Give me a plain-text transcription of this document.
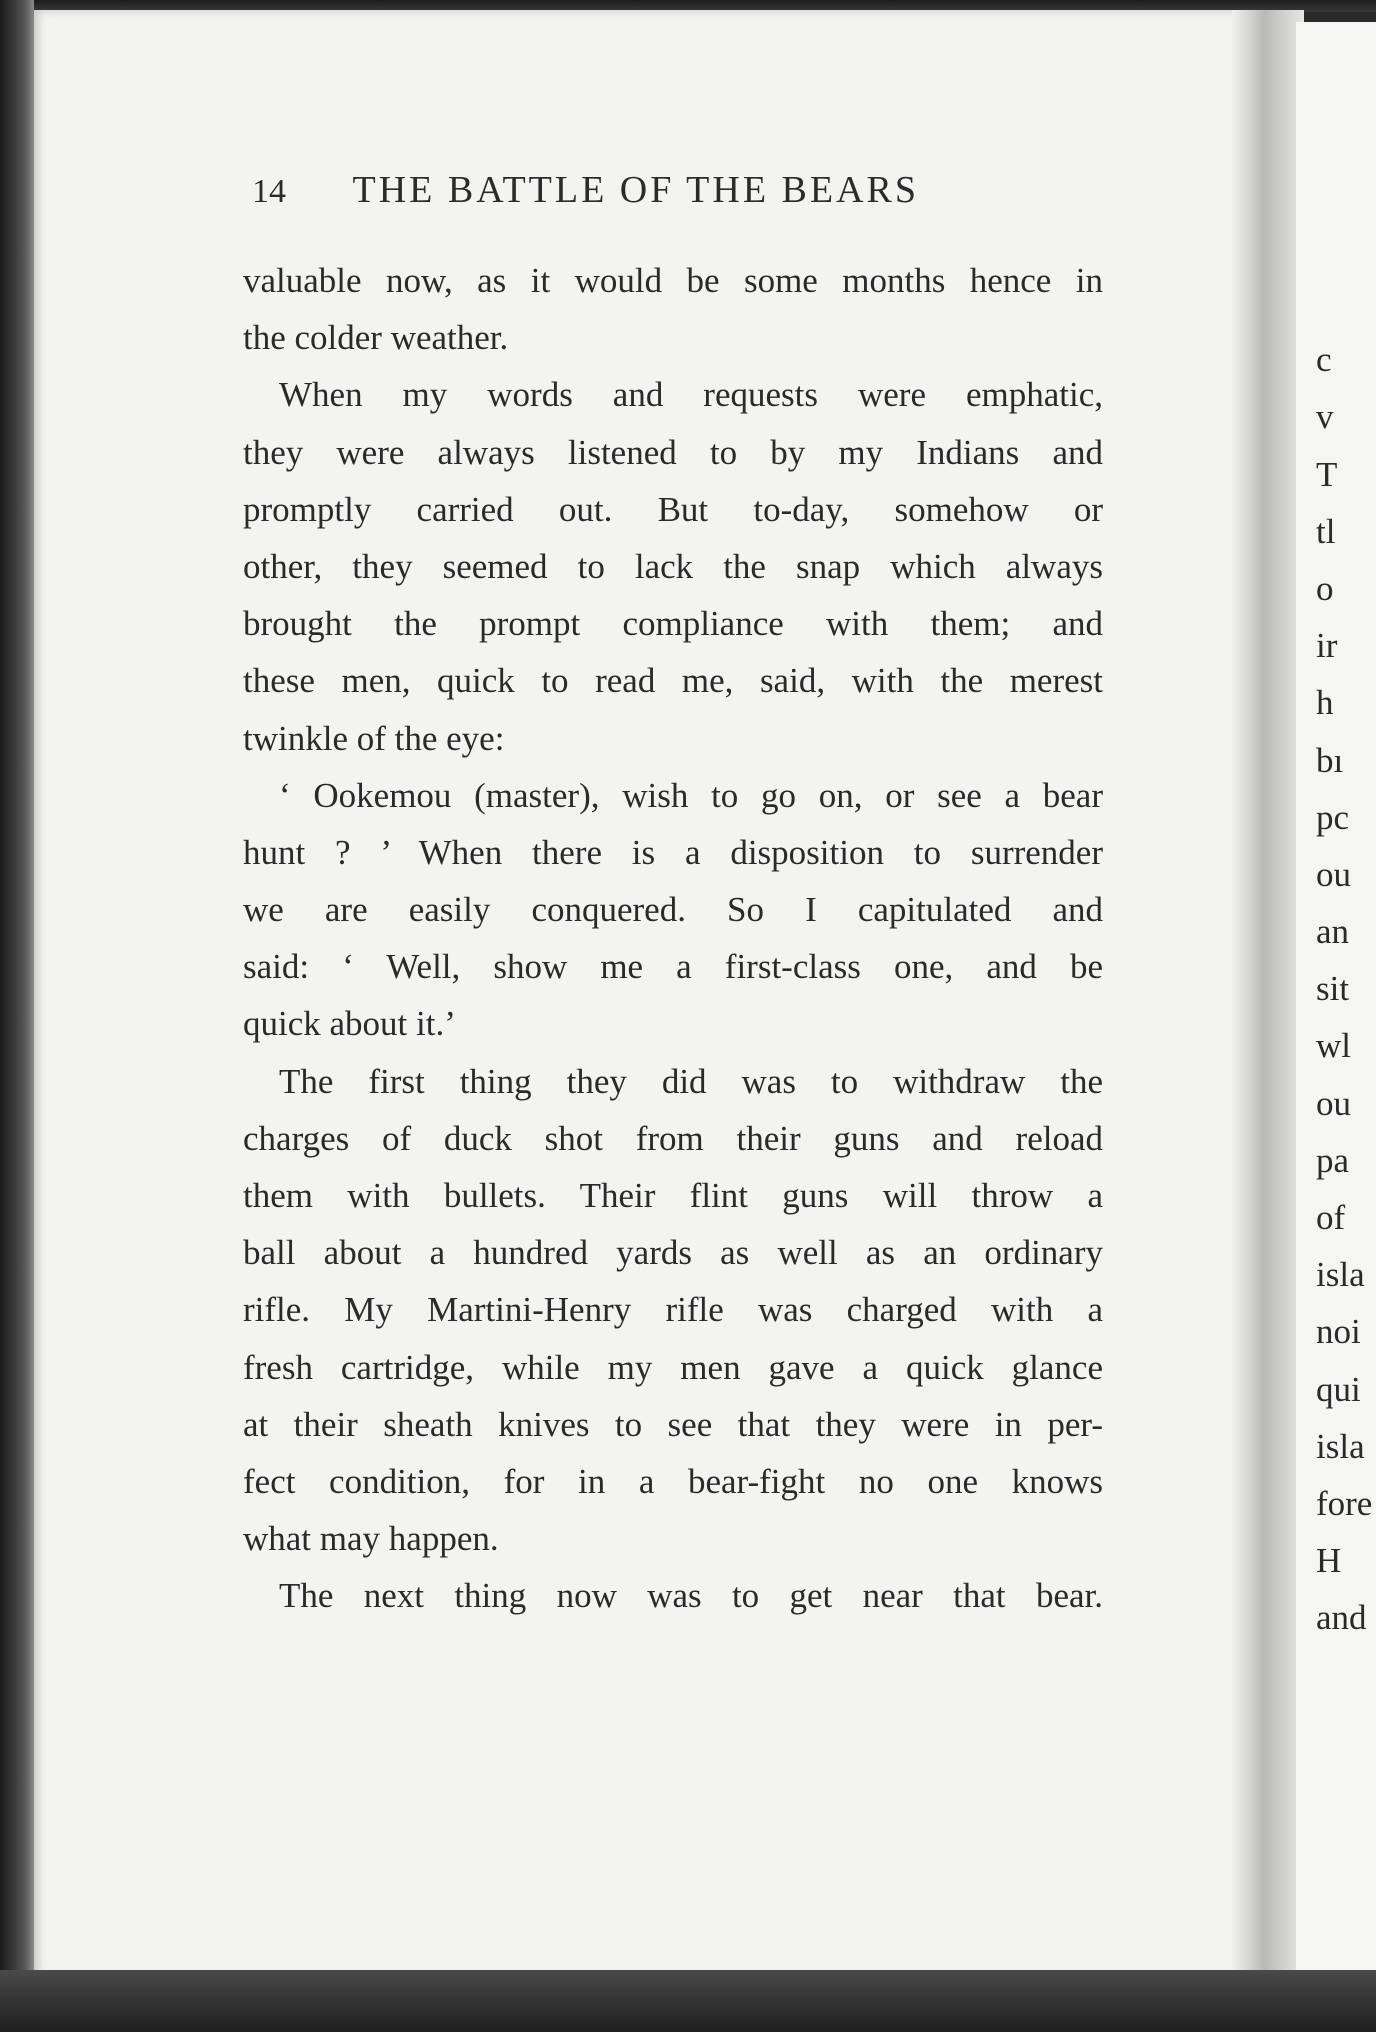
c
v
T
tl
o
ir
h
bı
pc
ou
an
sit
wl
ou
pa
of
isla
noi
qui
isla
fore
H
and
14 THE BATTLE OF THE BEARS
valuable now, as it would be some months hence in
the colder weather.
When my words and requests were emphatic,
they were always listened to by my Indians and
promptly carried out. But to-day, somehow or
other, they seemed to lack the snap which always
brought the prompt compliance with them; and
these men, quick to read me, said, with the merest
twinkle of the eye:
‘ Ookemou (master), wish to go on, or see a bear
hunt ? ’ When there is a disposition to surrender
we are easily conquered. So I capitulated and
said: ‘ Well, show me a first-class one, and be
quick about it.’
The first thing they did was to withdraw the
charges of duck shot from their guns and reload
them with bullets. Their flint guns will throw a
ball about a hundred yards as well as an ordinary
rifle. My Martini-Henry rifle was charged with a
fresh cartridge, while my men gave a quick glance
at their sheath knives to see that they were in per-
fect condition, for in a bear-fight no one knows
what may happen.
The next thing now was to get near that bear.
